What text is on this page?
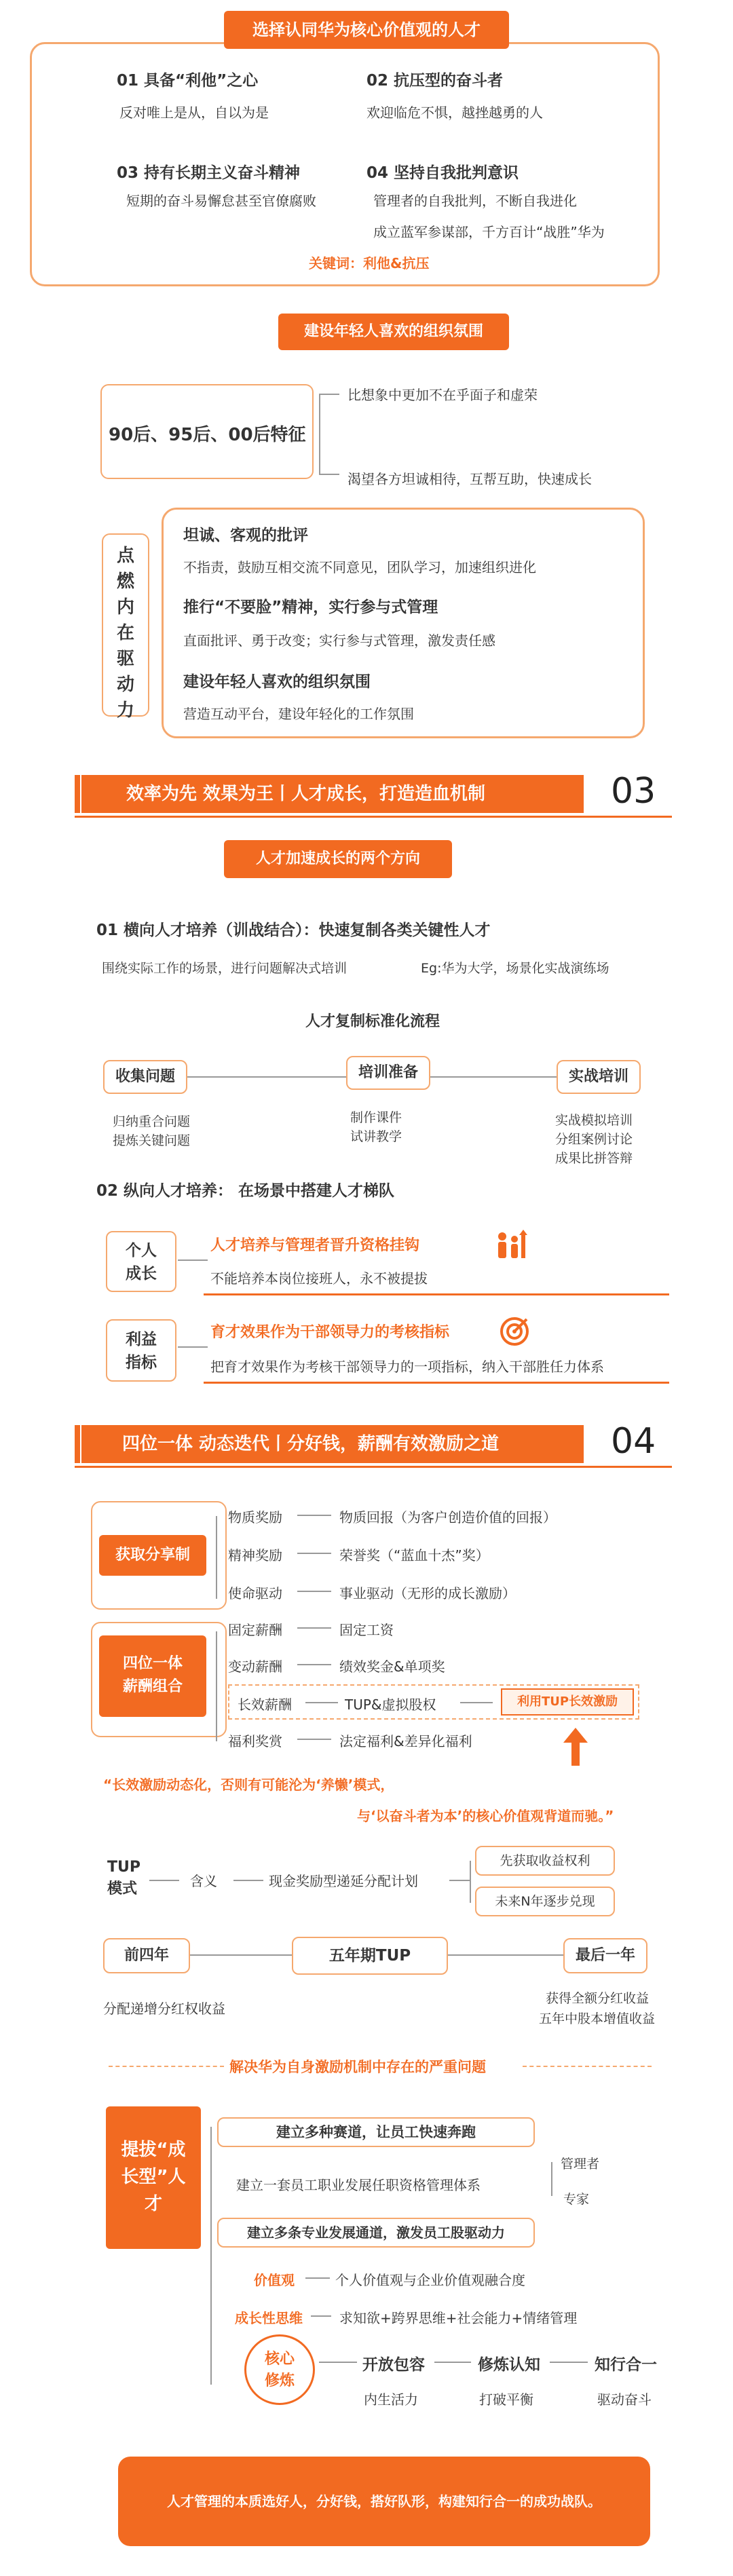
选择认同华为核心价值观的人才
01 具备“利他”之心
反对唯上是从，自以为是
02 抗压型的奋斗者
欢迎临危不惧，越挫越勇的人
03 持有长期主义奋斗精神
短期的奋斗易懈怠甚至官僚腐败
04 坚持自我批判意识
管理者的自我批判，不断自我进化
成立蓝军参谋部，千方百计“战胜”华为
关键词：利他&抗压
建设年轻人喜欢的组织氛围
90后、95后、00后特征
比想象中更加不在乎面子和虚荣
渴望各方坦诚相待，互帮互助，快速成长
点燃内在驱动力
坦诚、客观的批评
不指责，鼓励互相交流不同意见，团队学习，加速组织进化
推行“不要脸”精神，实行参与式管理
直面批评、勇于改变；实行参与式管理，激发责任感
建设年轻人喜欢的组织氛围
营造互动平台，建设年轻化的工作氛围
效率为先 效果为王丨人才成长，打造造血机制	03
人才加速成长的两个方向
01 横向人才培养（训战结合）：快速复制各类关键性人才
围绕实际工作的场景，进行问题解决式培训	Eg:华为大学，场景化实战演练场
人才复制标准化流程
收集问题	培训准备	实战培训
归纳重合问题
提炼关键问题
制作课件
试讲教学
实战模拟培训
分组案例讨论
成果比拼答辩
02 纵向人才培养： 在场景中搭建人才梯队
个人成长
人才培养与管理者晋升资格挂钩
不能培养本岗位接班人，永不被提拔
利益指标
育才效果作为干部领导力的考核指标
把育才效果作为考核干部领导力的一项指标，纳入干部胜任力体系
四位一体 动态迭代丨分好钱，薪酬有效激励之道	04
获取分享制
四位一体薪酬组合
物质奖励	物质回报（为客户创造价值的回报）
精神奖励	荣誉奖（“蓝血十杰”奖）
使命驱动	事业驱动（无形的成长激励）
固定薪酬	固定工资
变动薪酬	绩效奖金&单项奖
长效薪酬	TUP&虚拟股权	利用TUP长效激励
福利奖赏	法定福利&差异化福利
“长效激励动态化，否则有可能沦为‘养懒’模式，
与‘以奋斗者为本’的核心价值观背道而驰。”
TUP模式	含义	现金奖励型递延分配计划
先获取收益权利
未来N年逐步兑现
前四年	五年期TUP	最后一年
分配递增分红权收益
获得全额分红收益
五年中股本增值收益
解决华为自身激励机制中存在的严重问题
提拔“成长型”人才
建立多种赛道，让员工快速奔跑
建立一套员工职业发展任职资格管理体系
管理者
专家
建立多条专业发展通道，激发员工股驱动力
价值观	个人价值观与企业价值观融合度
成长性思维	求知欲+跨界思维+社会能力+情绪管理
核心修炼
开放包容	修炼认知	知行合一
内生活力	打破平衡	驱动奋斗
人才管理的本质选好人，分好钱，搭好队形，构建知行合一的成功战队。
